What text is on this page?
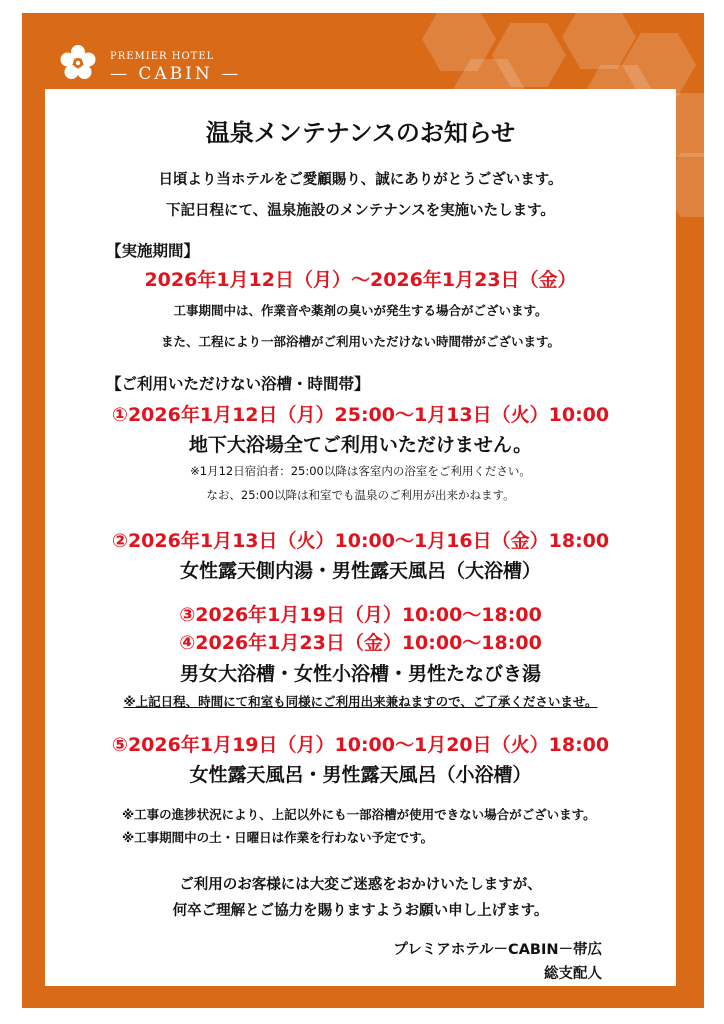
PREMIER HOTEL
— CABIN —
温泉メンテナンスのお知らせ
日頃より当ホテルをご愛顧賜り、誠にありがとうございます。
下記日程にて、温泉施設のメンテナンスを実施いたします。
【実施期間】
2026年1月12日（月）～2026年1月23日（金）
工事期間中は、作業音や薬剤の臭いが発生する場合がございます。
また、工程により一部浴槽がご利用いただけない時間帯がございます。
【ご利用いただけない浴槽・時間帯】
①2026年1月12日（月）25:00～1月13日（火）10:00
地下大浴場全てご利用いただけません。
※1月12日宿泊者：25:00以降は客室内の浴室をご利用ください。
なお、25:00以降は和室でも温泉のご利用が出来かねます。
②2026年1月13日（火）10:00～1月16日（金）18:00
女性露天側内湯・男性露天風呂（大浴槽）
③2026年1月19日（月）10:00～18:00
④2026年1月23日（金）10:00～18:00
男女大浴槽・女性小浴槽・男性たなびき湯
※上記日程、時間にて和室も同様にご利用出来兼ねますので、ご了承くださいませ。
⑤2026年1月19日（月）10:00～1月20日（火）18:00
女性露天風呂・男性露天風呂（小浴槽）
※工事の進捗状況により、上記以外にも一部浴槽が使用できない場合がございます。
※工事期間中の土・日曜日は作業を行わない予定です。
ご利用のお客様には大変ご迷惑をおかけいたしますが、
何卒ご理解とご協力を賜りますようお願い申し上げます。
プレミアホテル－CABIN－帯広
総支配人
